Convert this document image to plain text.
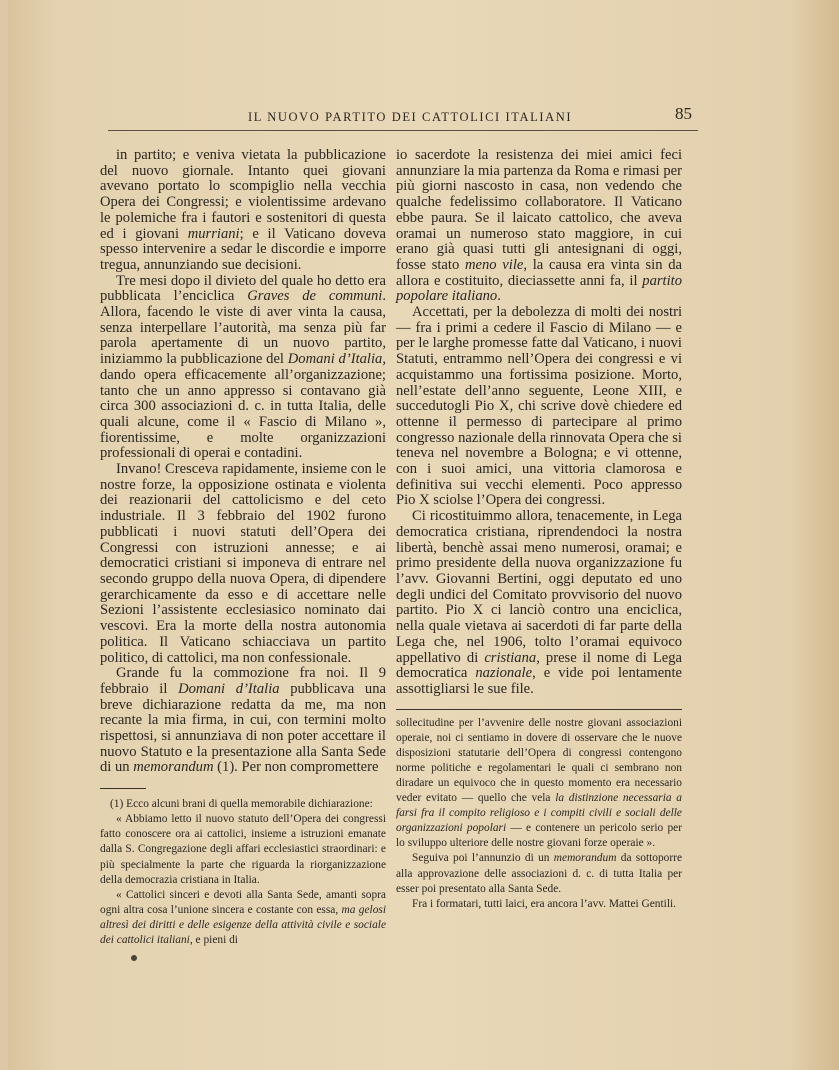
IL NUOVO PARTITO DEI CATTOLICI ITALIANI	85

in partito; e veniva vietata la pubblicazione del nuovo giornale. Intanto quei giovani avevano portato lo scompiglio nella vecchia Opera dei Congressi; e violentissime ardevano le polemiche fra i fautori e sostenitori di questa ed i giovani murriani; e il Vaticano doveva spesso intervenire a sedar le discordie e imporre tregua, annunziando sue decisioni.

Tre mesi dopo il divieto del quale ho detto era pubblicata l’enciclica Graves de communi. Allora, facendo le viste di aver vinta la causa, senza interpellare l’autorità, ma senza più far parola apertamente di un nuovo partito, iniziammo la pubblicazione del Domani d’Italia, dando opera efficacemente all’organizzazione; tanto che un anno appresso si contavano già circa 300 associazioni d. c. in tutta Italia, delle quali alcune, come il « Fascio di Milano », fiorentissime, e molte organizzazioni professionali di operai e contadini.

Invano! Cresceva rapidamente, insieme con le nostre forze, la opposizione ostinata e violenta dei reazionarii del cattolicismo e del ceto industriale. Il 3 febbraio del 1902 furono pubblicati i nuovi statuti dell’Opera dei Congressi con istruzioni annesse; e ai democratici cristiani si imponeva di entrare nel secondo gruppo della nuova Opera, di dipendere gerarchicamente da esso e di accettare nelle Sezioni l’assistente ecclesiasico nominato dai vescovi. Era la morte della nostra autonomia politica. Il Vaticano schiacciava un partito politico, di cattolici, ma non confessionale.

Grande fu la commozione fra noi. Il 9 febbraio il Domani d’Italia pubblicava una breve dichiarazione redatta da me, ma non recante la mia firma, in cui, con termini molto rispettosi, si annunziava di non poter accettare il nuovo Statuto e la presentazione alla Santa Sede di un memorandum (1). Per non compromettere

(1) Ecco alcuni brani di quella memorabile dichiarazione:

« Abbiamo letto il nuovo statuto dell’Opera dei congressi fatto conoscere ora ai cattolici, insieme a istruzioni emanate dalla S. Congregazione degli affari ecclesiastici straordinari: e più specialmente la parte che riguarda la riorganizzazione della democrazia cristiana in Italia.

« Cattolici sinceri e devoti alla Santa Sede, amanti sopra ogni altra cosa l’unione sincera e costante con essa, ma gelosi altresì dei diritti e delle esigenze della attività civile e sociale dei cattolici italiani, e pieni di

io sacerdote la resistenza dei miei amici feci annunziare la mia partenza da Roma e rimasi per più giorni nascosto in casa, non vedendo che qualche fedelissimo collaboratore. Il Vaticano ebbe paura. Se il laicato cattolico, che aveva oramai un numeroso stato maggiore, in cui erano già quasi tutti gli antesignani di oggi, fosse stato meno vile, la causa era vinta sin da allora e costituito, dieciassette anni fa, il partito popolare italiano.

Accettati, per la debolezza di molti dei nostri — fra i primi a cedere il Fascio di Milano — e per le larghe promesse fatte dal Vaticano, i nuovi Statuti, entrammo nell’Opera dei congressi e vi acquistammo una fortissima posizione. Morto, nell’estate dell’anno seguente, Leone XIII, e succedutogli Pio X, chi scrive dovè chiedere ed ottenne il permesso di partecipare al primo congresso nazionale della rinnovata Opera che si teneva nel novembre a Bologna; e vi ottenne, con i suoi amici, una vittoria clamorosa e definitiva sui vecchi elementi. Poco appresso Pio X sciolse l’Opera dei congressi.

Ci ricostituimmo allora, tenacemente, in Lega democratica cristiana, riprendendoci la nostra libertà, benchè assai meno numerosi, oramai; e primo presidente della nuova organizzazione fu l’avv. Giovanni Bertini, oggi deputato ed uno degli undici del Comitato provvisorio del nuovo partito. Pio X ci lanciò contro una enciclica, nella quale vietava ai sacerdoti di far parte della Lega che, nel 1906, tolto l’oramai equivoco appellativo di cristiana, prese il nome di Lega democratica nazionale, e vide poi lentamente assottigliarsi le sue file.

sollecitudine per l’avvenire delle nostre giovani associazioni operaie, noi ci sentiamo in dovere di osservare che le nuove disposizioni statutarie dell’Opera di congressi contengono norme politiche e regolamentari le quali ci sembrano non diradare un equivoco che in questo momento era necessario veder evitato — quello che vela la distinzione necessaria a farsi fra il compito religioso e i compiti civili e sociali delle organizzazioni popolari — e contenere un pericolo serio per lo sviluppo ulteriore delle nostre giovani forze operaie ».

Seguiva poi l’annunzio di un memorandum da sottoporre alla approvazione delle associazioni d. c. di tutta Italia per esser poi presentato alla Santa Sede.

Fra i formatari, tutti laici, era ancora l’avv. Mattei Gentili.
